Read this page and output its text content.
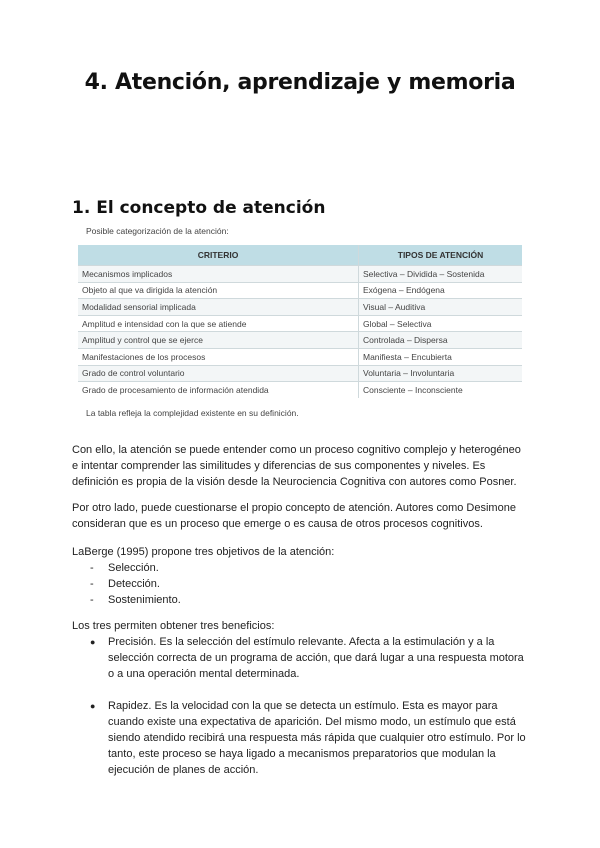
4. Atención, aprendizaje y memoria
1. El concepto de atención
Posible categorización de la atención:
CRITERIO	TIPOS DE ATENCIÓN
Mecanismos implicados	Selectiva – Dividida – Sostenida
Objeto al que va dirigida la atención	Exógena – Endógena
Modalidad sensorial implicada	Visual – Auditiva
Amplitud e intensidad con la que se atiende	Global – Selectiva
Amplitud y control que se ejerce	Controlada – Dispersa
Manifestaciones de los procesos	Manifiesta – Encubierta
Grado de control voluntario	Voluntaria – Involuntaria
Grado de procesamiento de información atendida	Consciente – Inconsciente
La tabla refleja la complejidad existente en su definición.

Con ello, la atención se puede entender como un proceso cognitivo complejo y heterogéneo e intentar comprender las similitudes y diferencias de sus componentes y niveles. Es definición es propia de la visión desde la Neurociencia Cognitiva con autores como Posner.

Por otro lado, puede cuestionarse el propio concepto de atención. Autores como Desimone consideran que es un proceso que emerge o es causa de otros procesos cognitivos.

LaBerge (1995) propone tres objetivos de la atención:

- Selección.
- Detección.
- Sostenimiento.

Los tres permiten obtener tres beneficios:

● Precisión. Es la selección del estímulo relevante. Afecta a la estimulación y a la selección correcta de un programa de acción, que dará lugar a una respuesta motora o a una operación mental determinada.
● Rapidez. Es la velocidad con la que se detecta un estímulo. Esta es mayor para cuando existe una expectativa de aparición. Del mismo modo, un estímulo que está siendo atendido recibirá una respuesta más rápida que cualquier otro estímulo. Por lo tanto, este proceso se haya ligado a mecanismos preparatorios que modulan la ejecución de planes de acción.
